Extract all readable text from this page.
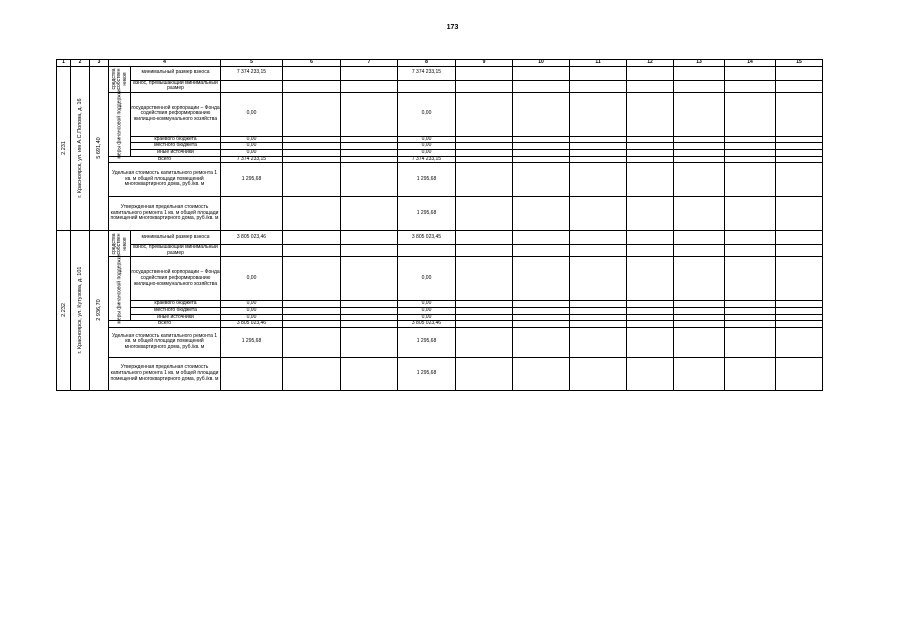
173
1	2	3	4		5	6	7	8	9	10	11	12	13	14	15

2.231	г. Красноярск, ул. им А.С.Попова, д. 16	5 691,40	средства собствен ников	минимальный размер взноса	7 374 233,15			7 374 233,15							
				взнос, превышающий минимальный размер											

			меры финансовой поддержки	государственной корпорации – Фонда содействия реформированию жилищно-коммунального хозяйства	0,00			0,00							
				краевого бюджета	0,00			0,00							
				местного бюджета	0,00			0,00							
				иные источники	0,00			0,00							
			Всего		7 374 233,15			7 374 233,15							
			Удельная стоимость капитального ремонта 1 кв. м общей площади помещений многоквартирного дома, руб./кв. м		1 295,68			1 295,68							
			Утвержденная предельная стоимость капитального ремонта 1 кв. м общей площади помещений многоквартирного дома, руб./кв. м					1 295,68							

2.232	г. Красноярск, ул. Кутузова, д. 101	2 936,70	средства собствен ников	минимальный размер взноса	3 805 023,46			3 805 023,45							
				взнос, превышающий минимальный размер											

			меры финансовой поддержки	государственной корпорации – Фонда содействия реформированию жилищно-коммунального хозяйства	0,00			0,00							
				краевого бюджета	0,00			0,00							
				местного бюджета	0,00			0,00							
				иные источники	0,00			0,00							
			Всего		3 805 023,46			3 805 023,46							
			Удельная стоимость капитального ремонта 1 кв. м общей площади помещений многоквартирного дома, руб./кв. м		1 295,68			1 295,68							
			Утвержденная предельная стоимость капитального ремонта 1 кв. м общей площади помещений многоквартирного дома, руб./кв. м					1 295,68							
